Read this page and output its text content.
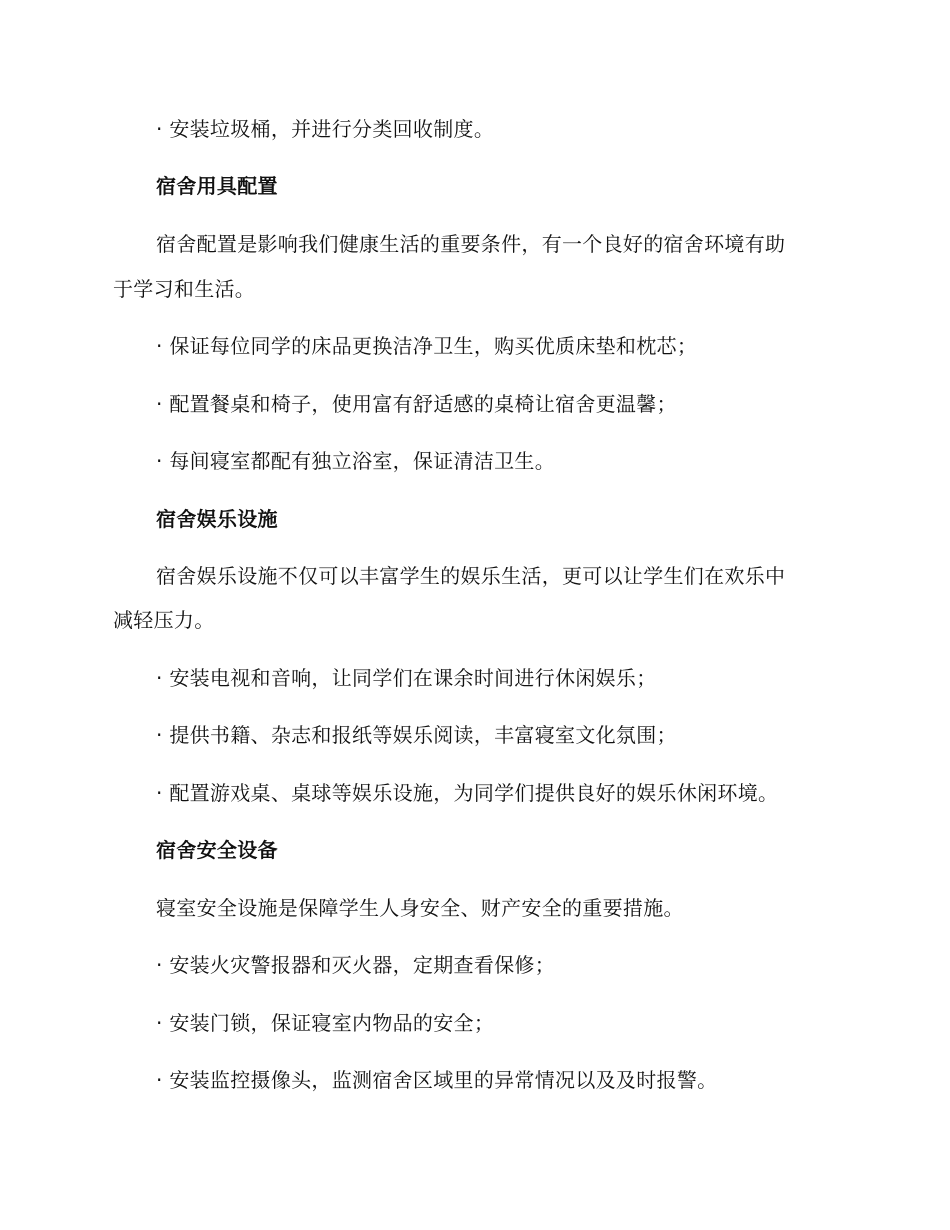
· 安装垃圾桶，并进行分类回收制度。
宿舍用具配置
宿舍配置是影响我们健康生活的重要条件，有一个良好的宿舍环境有助
于学习和生活。
· 保证每位同学的床品更换洁净卫生，购买优质床垫和枕芯；
· 配置餐桌和椅子，使用富有舒适感的桌椅让宿舍更温馨；
· 每间寝室都配有独立浴室，保证清洁卫生。
宿舍娱乐设施
宿舍娱乐设施不仅可以丰富学生的娱乐生活，更可以让学生们在欢乐中
减轻压力。
· 安装电视和音响，让同学们在课余时间进行休闲娱乐；
· 提供书籍、杂志和报纸等娱乐阅读，丰富寝室文化氛围；
· 配置游戏桌、桌球等娱乐设施，为同学们提供良好的娱乐休闲环境。
宿舍安全设备
寝室安全设施是保障学生人身安全、财产安全的重要措施。
· 安装火灾警报器和灭火器，定期查看保修；
· 安装门锁，保证寝室内物品的安全；
· 安装监控摄像头，监测宿舍区域里的异常情况以及及时报警。
